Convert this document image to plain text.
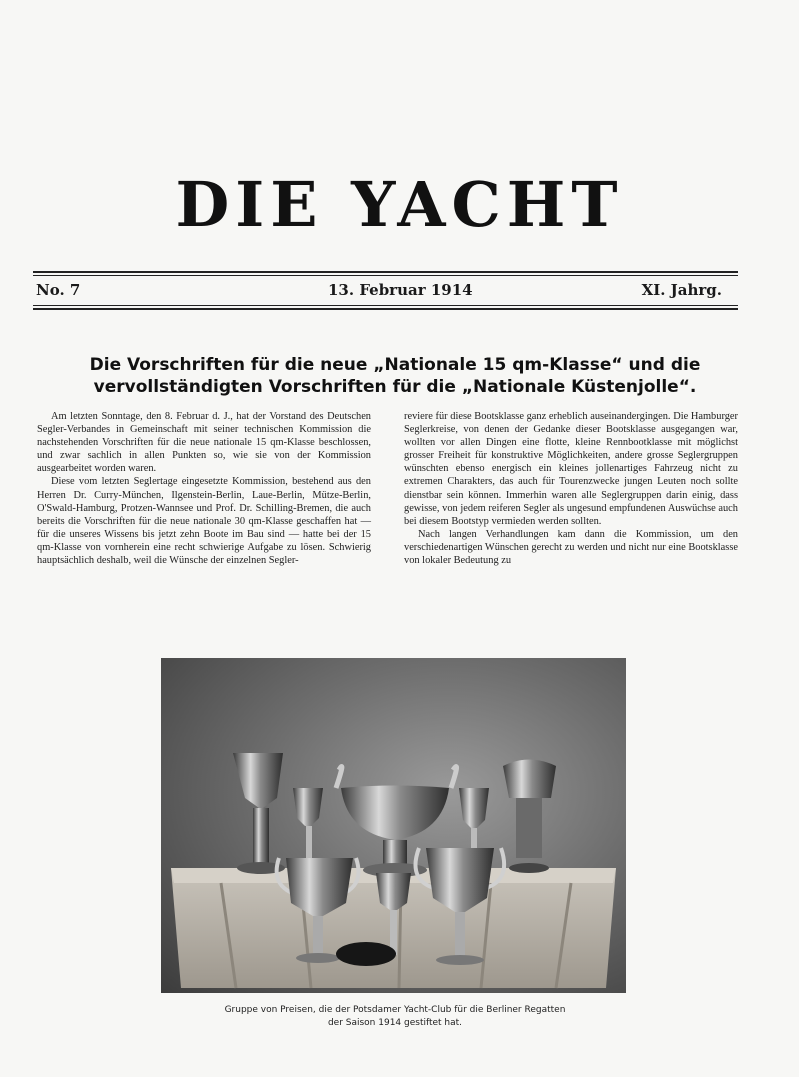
DIE YACHT
No. 7	13. Februar 1914	XI. Jahrg.
Die Vorschriften für die neue „Nationale 15 qm-Klasse“ und die
vervollständigten Vorschriften für die „Nationale Küstenjolle“.

Am letzten Sonntage, den 8. Februar d. J., hat der Vorstand des Deutschen Segler-Verbandes in Gemeinschaft mit seiner technischen Kommission die nachstehenden Vorschriften für die neue nationale 15 qm-Klasse beschlossen, und zwar sachlich in allen Punkten so, wie sie von der Kommission ausgearbeitet worden waren.

Diese vom letzten Seglertage eingesetzte Kommission, bestehend aus den Herren Dr. Curry-München, Ilgenstein-Berlin, Laue-Berlin, Mütze-Berlin, O'Swald-Hamburg, Protzen-Wannsee und Prof. Dr. Schilling-Bremen, die auch bereits die Vorschriften für die neue nationale 30 qm-Klasse geschaffen hat — für die unseres Wissens bis jetzt zehn Boote im Bau sind — hatte bei der 15 qm-Klasse von vornherein eine recht schwierige Aufgabe zu lösen. Schwierig hauptsächlich deshalb, weil die Wünsche der einzelnen Segler-

reviere für diese Bootsklasse ganz erheblich auseinandergingen. Die Hamburger Seglerkreise, von denen der Gedanke dieser Bootsklasse ausgegangen war, wollten vor allen Dingen eine flotte, kleine Rennbootklasse mit möglichst grosser Freiheit für konstruktive Möglichkeiten, andere grosse Seglergruppen wünschten ebenso energisch ein kleines jollenartiges Fahrzeug nicht zu extremen Charakters, das auch für Tourenzwecke jungen Leuten noch sollte dienstbar sein können. Immerhin waren alle Seglergruppen darin einig, dass gewisse, von jedem reiferen Segler als ungesund empfundenen Auswüchse auch bei diesem Bootstyp vermieden werden sollten.

Nach langen Verhandlungen kam dann die Kommission, um den verschiedenartigen Wünschen gerecht zu werden und nicht nur eine Bootsklasse von lokaler Bedeutung zu

Gruppe von Preisen, die der Potsdamer Yacht-Club für die Berliner Regatten
der Saison 1914 gestiftet hat.
